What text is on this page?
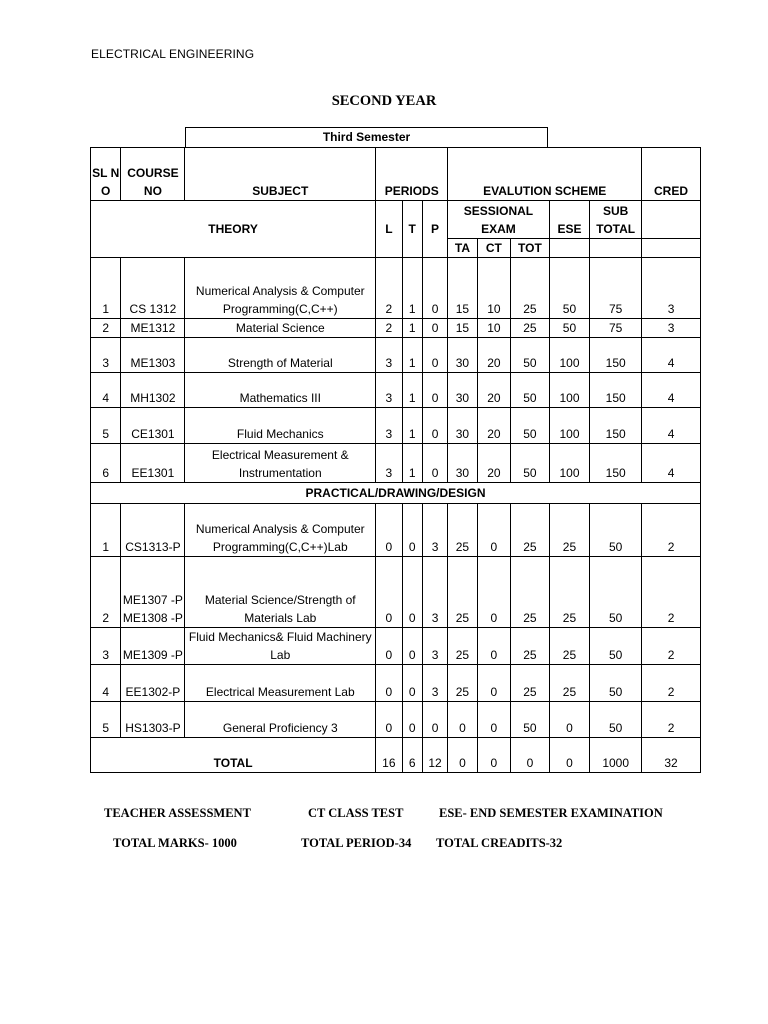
ELECTRICAL ENGINEERING
SECOND YEAR
Third Semester
SL N O	COURSE NO	SUBJECT	PERIODS			EVALUTION SCHEME					CRED
THEORY			L	T	P	SESSIONAL EXAM			ESE	SUB TOTAL	
						TA	CT	TOT			
1	CS 1312	Numerical Analysis & Computer Programming(C,C++)	2	1	0	15	10	25	50	75	3
2	ME1312	Material Science	2	1	0	15	10	25	50	75	3
3	ME1303	Strength of Material	3	1	0	30	20	50	100	150	4
4	MH1302	Mathematics III	3	1	0	30	20	50	100	150	4
5	CE1301	Fluid Mechanics	3	1	0	30	20	50	100	150	4
6	EE1301	Electrical Measurement & Instrumentation	3	1	0	30	20	50	100	150	4
PRACTICAL/DRAWING/DESIGN											
1	CS1313-P	Numerical Analysis & Computer Programming(C,C++)Lab	0	0	3	25	0	25	25	50	2
2	ME1307 -P ME1308 -P	Material Science/Strength of Materials Lab	0	0	3	25	0	25	25	50	2
3	ME1309 -P	Fluid Mechanics& Fluid Machinery Lab	0	0	3	25	0	25	25	50	2
4	EE1302-P	Electrical Measurement Lab	0	0	3	25	0	25	25	50	2
5	HS1303-P	General Proficiency 3	0	0	0	0	0	50	0	50	2
TOTAL			16	6	12	0	0	0	0	1000	32
TEACHER ASSESSMENT	CT CLASS TEST	ESE- END SEMESTER EXAMINATION
TOTAL MARKS- 1000	TOTAL PERIOD-34 TOTAL CREADITS-32
